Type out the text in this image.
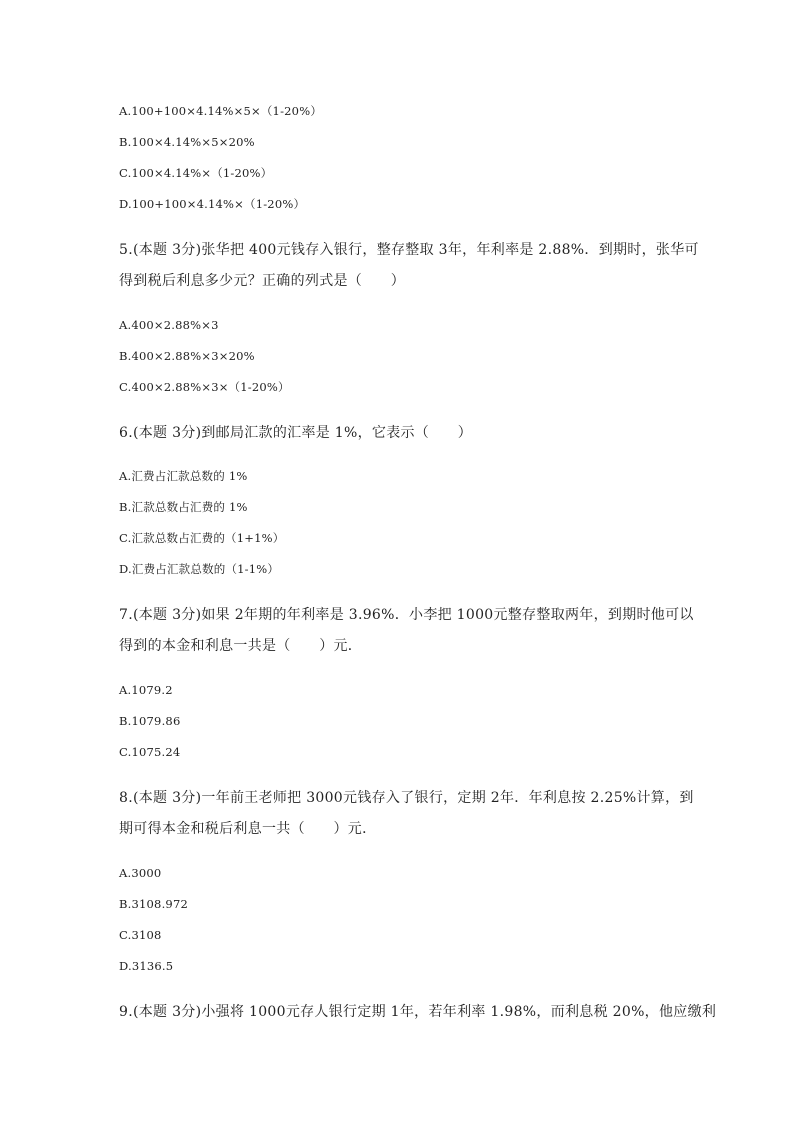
A.100+100×4.14%×5×（1-20%）
B.100×4.14%×5×20%
C.100×4.14%×（1-20%）
D.100+100×4.14%×（1-20%）
5.(本题 3分)张华把 400元钱存入银行，整存整取 3年，年利率是 2.88%．到期时，张华可
得到税后利息多少元？正确的列式是（　　）
A.400×2.88%×3
B.400×2.88%×3×20%
C.400×2.88%×3×（1-20%）
6.(本题 3分)到邮局汇款的汇率是 1%，它表示（　　）
A.汇费占汇款总数的 1%
B.汇款总数占汇费的 1%
C.汇款总数占汇费的（1+1%）
D.汇费占汇款总数的（1-1%）
7.(本题 3分)如果 2年期的年利率是 3.96%．小李把 1000元整存整取两年，到期时他可以
得到的本金和利息一共是（　　）元．
A.1079.2
B.1079.86
C.1075.24
8.(本题 3分)一年前王老师把 3000元钱存入了银行，定期 2年．年利息按 2.25%计算，到
期可得本金和税后利息一共（　　）元．
A.3000
B.3108.972
C.3108
D.3136.5
9.(本题 3分)小强将 1000元存人银行定期 1年，若年利率 1.98%，而利息税 20%，他应缴利
